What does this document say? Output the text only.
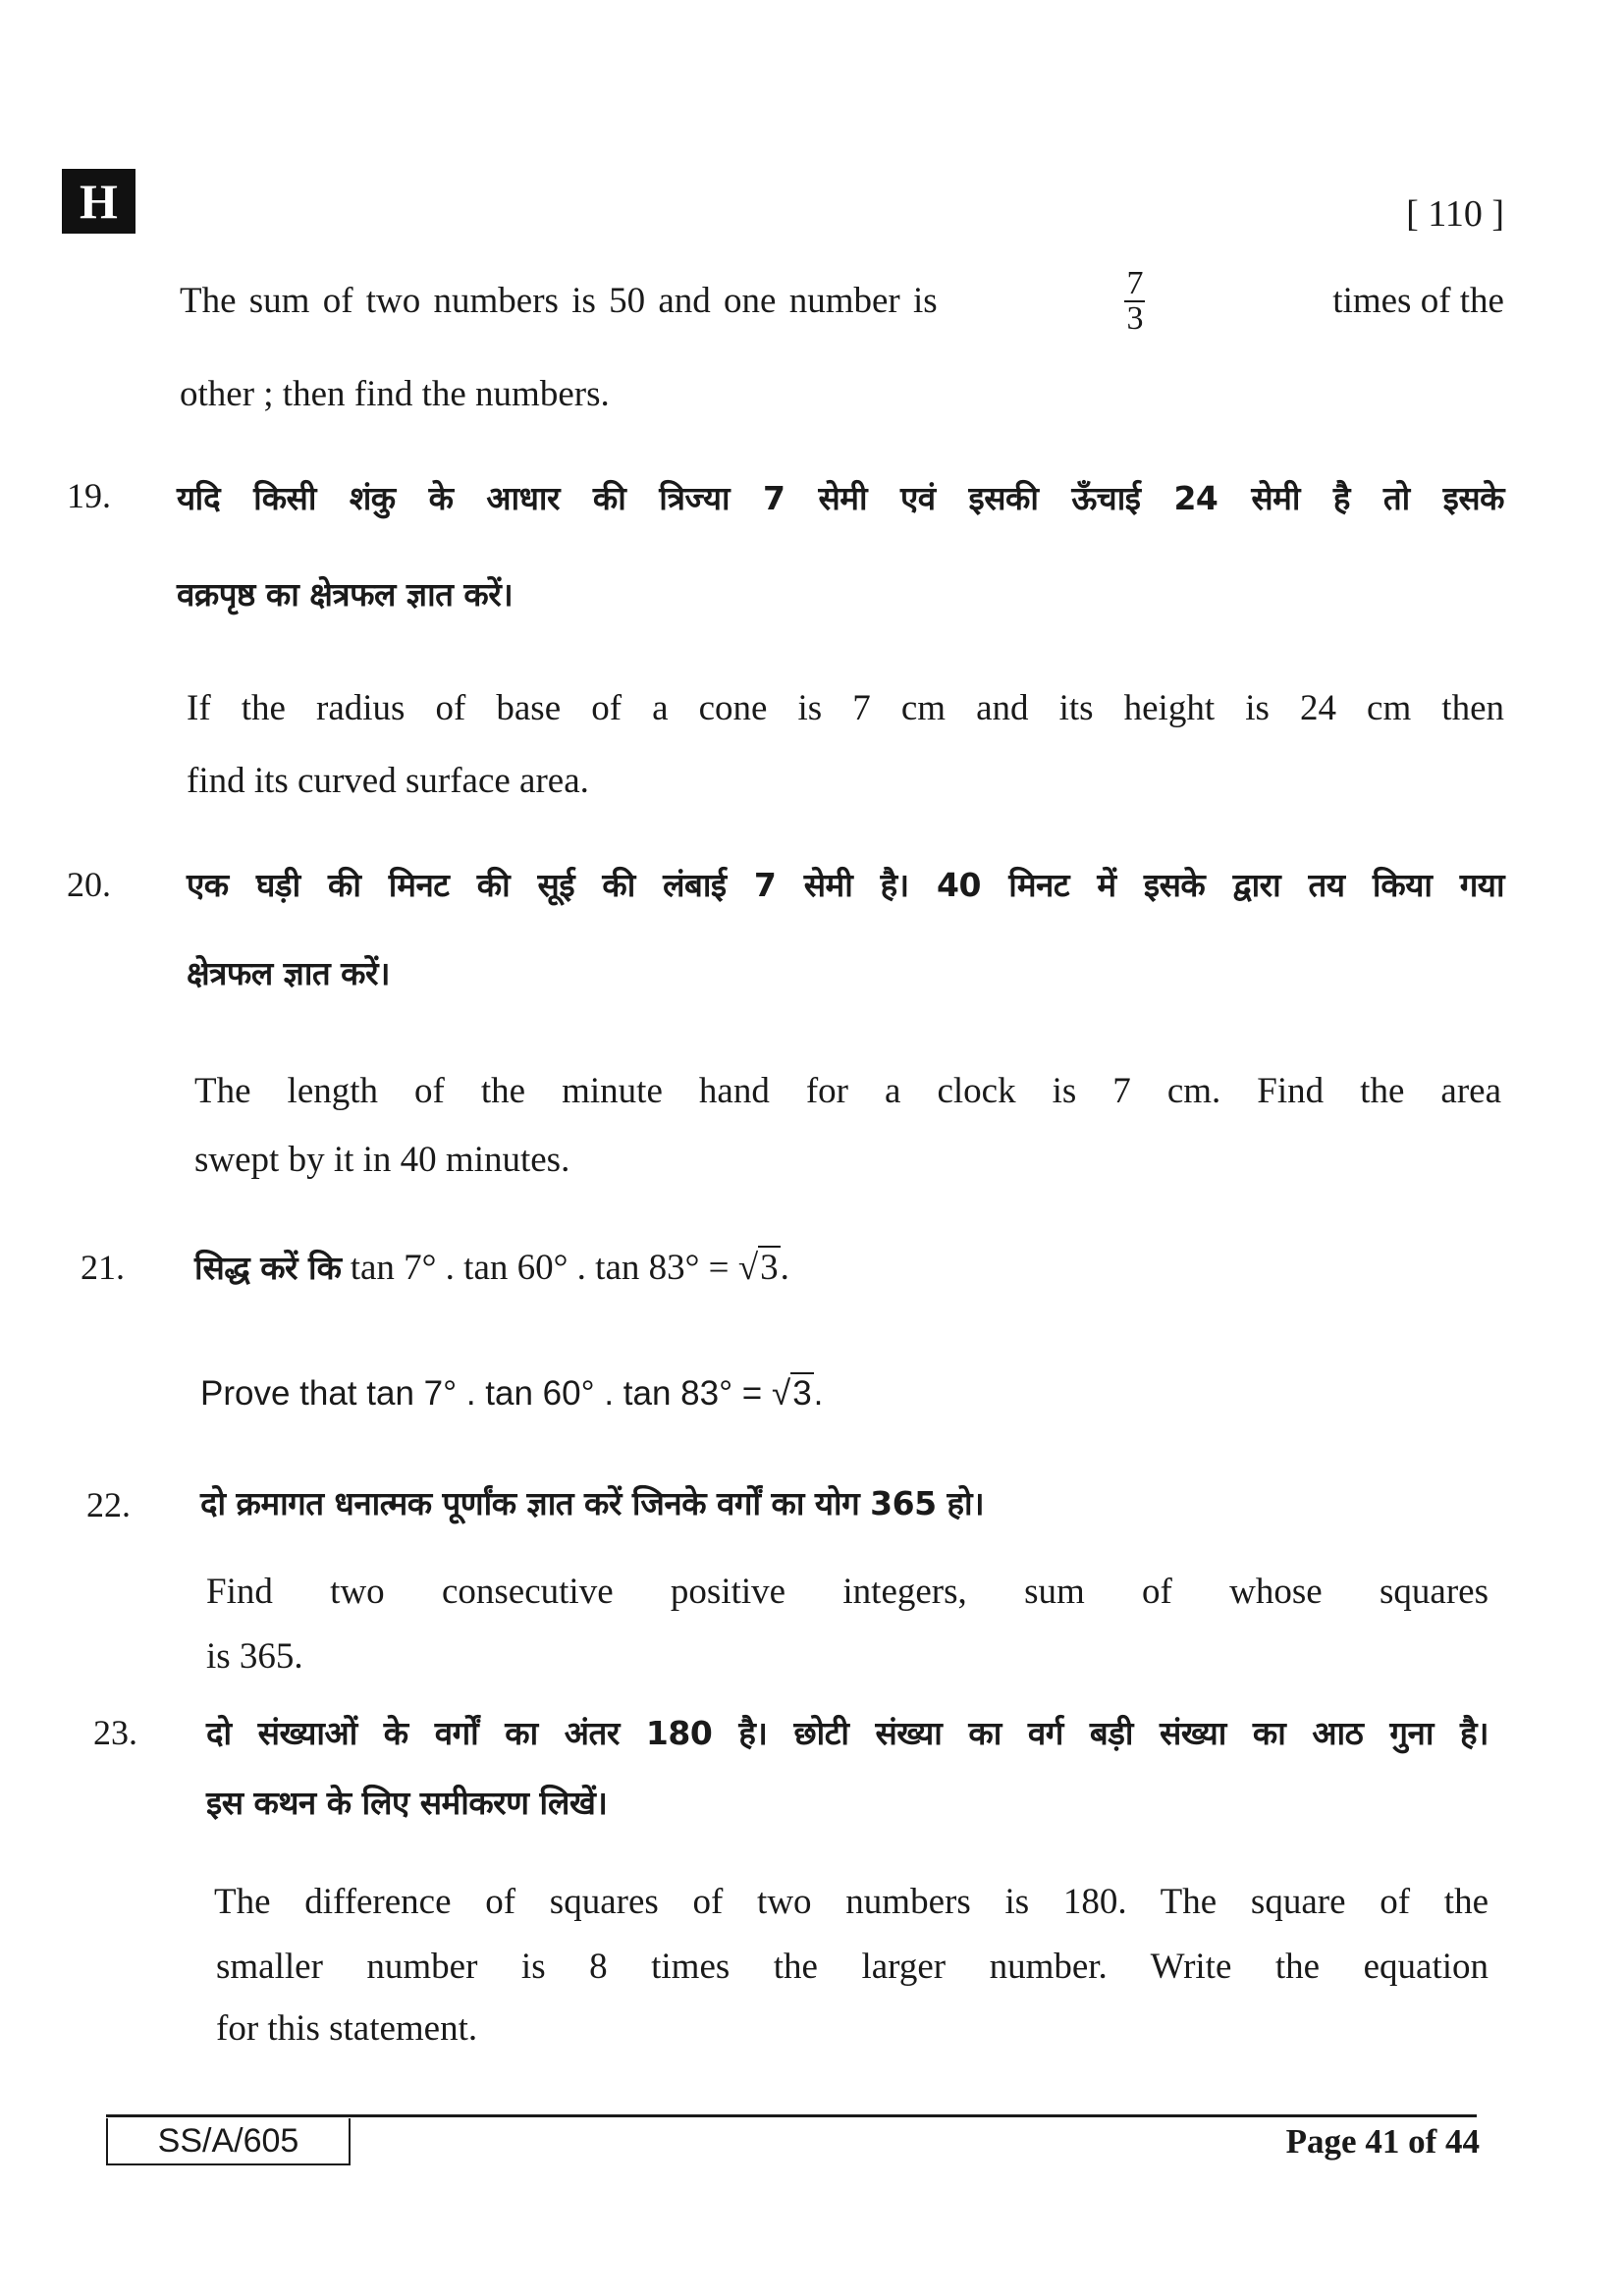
H	[ 110 ]
The sum of two numbers is 50 and one number is	$\frac{7}{3}$	times of the
other ; then find the numbers.
19. यदि किसी शंकु के आधार की त्रिज्या 7 सेमी एवं इसकी ऊँचाई 24 सेमी है तो इसके
वक्रपृष्ठ का क्षेत्रफल ज्ञात करें।
If the radius of base of a cone is 7 cm and its height is 24 cm then
find its curved surface area.
20. एक घड़ी की मिनट की सूई की लंबाई 7 सेमी है। 40 मिनट में इसके द्वारा तय किया गया
क्षेत्रफल ज्ञात करें।
The length of the minute hand for a clock is 7 cm. Find the area
swept by it in 40 minutes.
21. सिद्ध करें कि tan 7° . tan 60° . tan 83° = √3.
Prove that tan 7° . tan 60° . tan 83° = √3.
22. दो क्रमागत धनात्मक पूर्णांक ज्ञात करें जिनके वर्गों का योग 365 हो।
Find two consecutive positive integers, sum of whose squares
is 365.
23. दो संख्याओं के वर्गों का अंतर 180 है। छोटी संख्या का वर्ग बड़ी संख्या का आठ गुना है।
इस कथन के लिए समीकरण लिखें।
The difference of squares of two numbers is 180. The square of the
smaller number is 8 times the larger number. Write the equation
for this statement.
SS/A/605	Page 41 of 44
